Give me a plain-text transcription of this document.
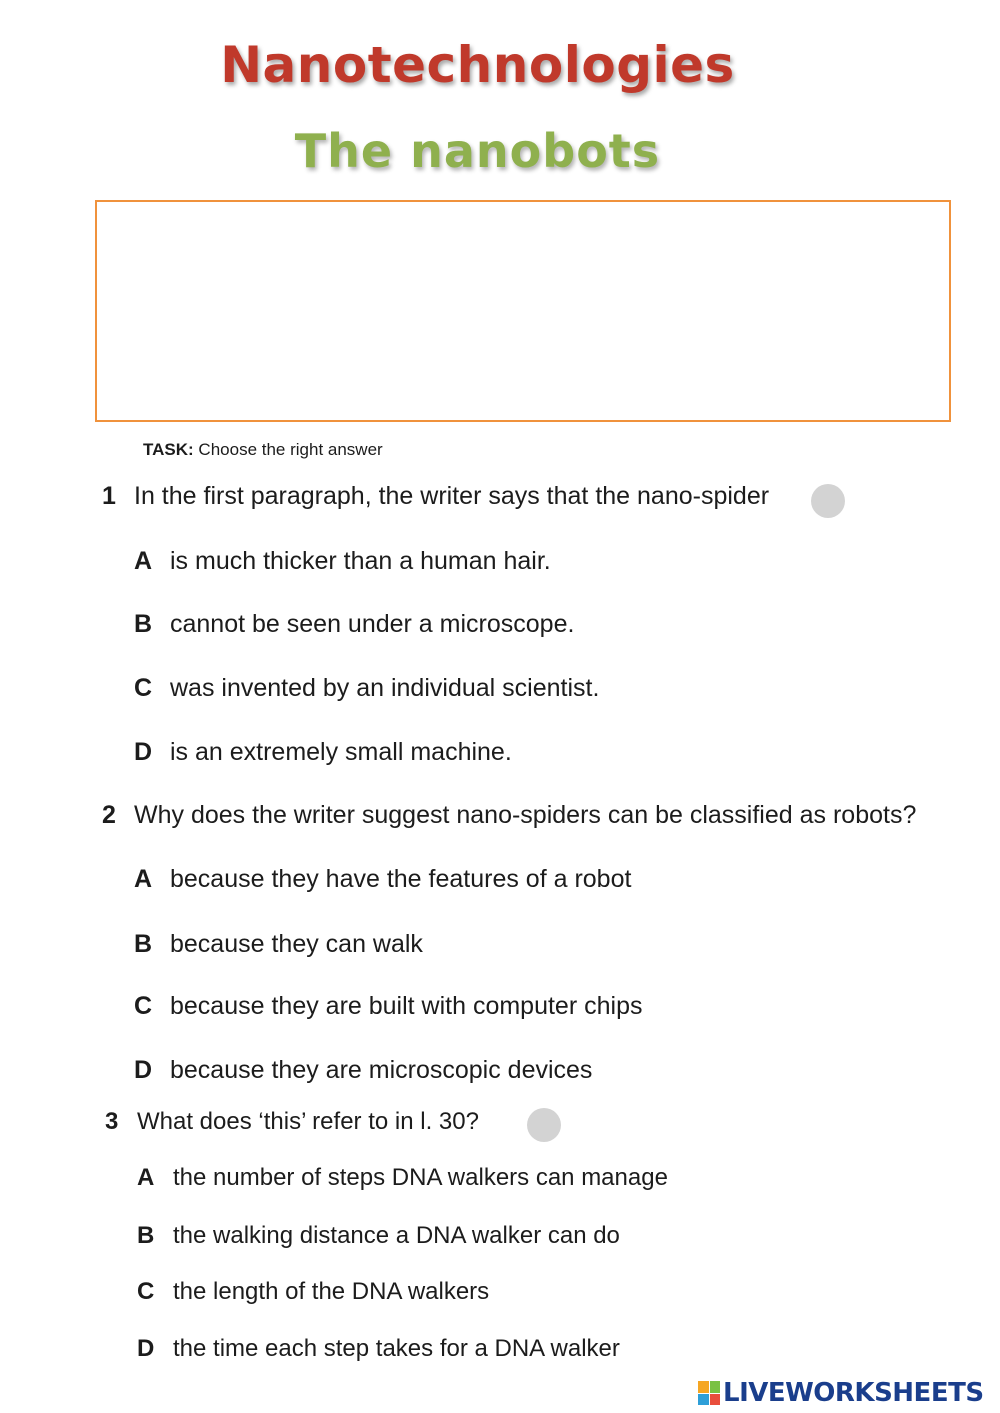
Nanotechnologies
The nanobots
TASK: Choose the right answer
1 In the first paragraph, the writer says that the nano-spider
A is much thicker than a human hair.
B cannot be seen under a microscope.
C was invented by an individual scientist.
D is an extremely small machine.
2 Why does the writer suggest nano-spiders can be classified as robots?
A because they have the features of a robot
B because they can walk
C because they are built with computer chips
D because they are microscopic devices
3 What does ‘this’ refer to in l. 30?
A the number of steps DNA walkers can manage
B the walking distance a DNA walker can do
C the length of the DNA walkers
D the time each step takes for a DNA walker
LIVEWORKSHEETS
